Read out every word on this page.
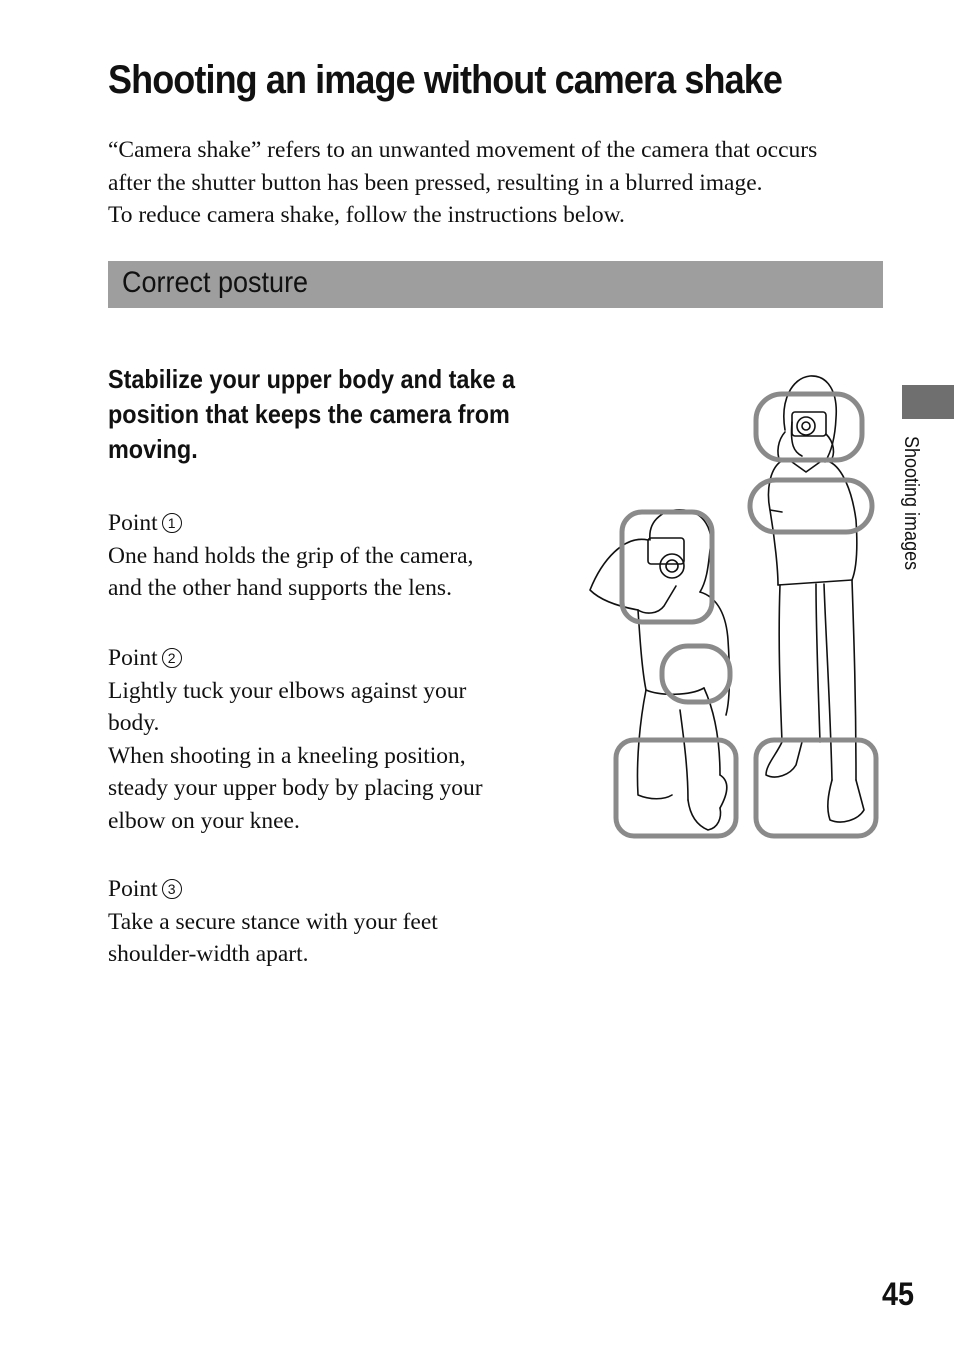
Shooting an image without camera shake
“Camera shake” refers to an unwanted movement of the camera that occurs
after the shutter button has been pressed, resulting in a blurred image.
To reduce camera shake, follow the instructions below.
Correct posture
Stabilize your upper body and take a
position that keeps the camera from
moving.
Point 1
One hand holds the grip of the camera,
and the other hand supports the lens.
Point 2
Lightly tuck your elbows against your
body.
When shooting in a kneeling position,
steady your upper body by placing your
elbow on your knee.
Point 3
Take a secure stance with your feet
shoulder-width apart.
Shooting images
45
